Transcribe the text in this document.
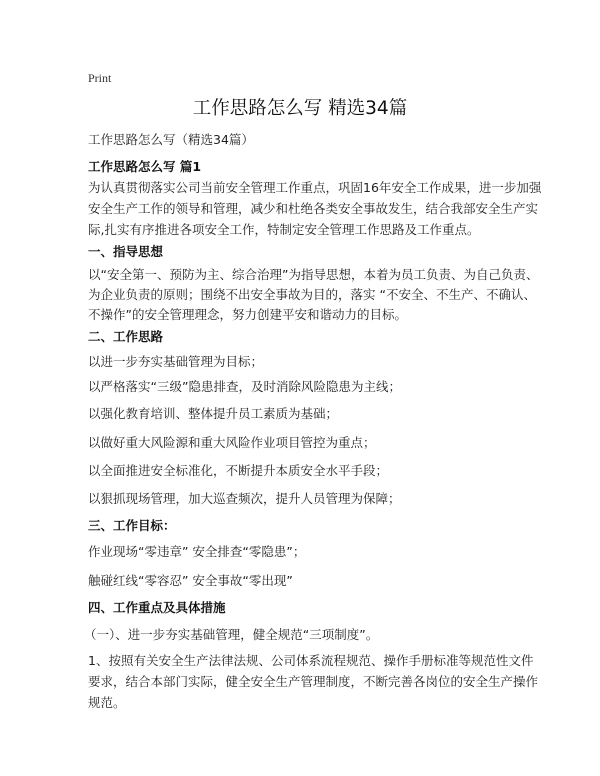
Print
工作思路怎么写 精选34篇
工作思路怎么写（精选34篇）
工作思路怎么写 篇1
为认真贯彻落实公司当前安全管理工作重点，巩固16年安全工作成果，进一步加强
安全生产工作的领导和管理，减少和杜绝各类安全事故发生，结合我部安全生产实
际,扎实有序推进各项安全工作，特制定安全管理工作思路及工作重点。
一、指导思想
以“安全第一、预防为主、综合治理”为指导思想，本着为员工负责、为自己负责、
为企业负责的原则；围绕不出安全事故为目的，落实 “不安全、不生产、不确认、
不操作”的安全管理理念，努力创建平安和谐动力的目标。
二、工作思路
以进一步夯实基础管理为目标；
以严格落实“三级”隐患排查，及时消除风险隐患为主线；
以强化教育培训、整体提升员工素质为基础；
以做好重大风险源和重大风险作业项目管控为重点；
以全面推进安全标准化，不断提升本质安全水平手段；
以狠抓现场管理，加大巡查频次，提升人员管理为保障；
三、工作目标：
作业现场“零违章” 安全排查“零隐患”；
触碰红线“零容忍” 安全事故“零出现”
四、工作重点及具体措施
（一）、进一步夯实基础管理，健全规范“三项制度”。
1、按照有关安全生产法律法规、公司体系流程规范、操作手册标准等规范性文件
要求，结合本部门实际，健全安全生产管理制度，不断完善各岗位的安全生产操作
规范。
